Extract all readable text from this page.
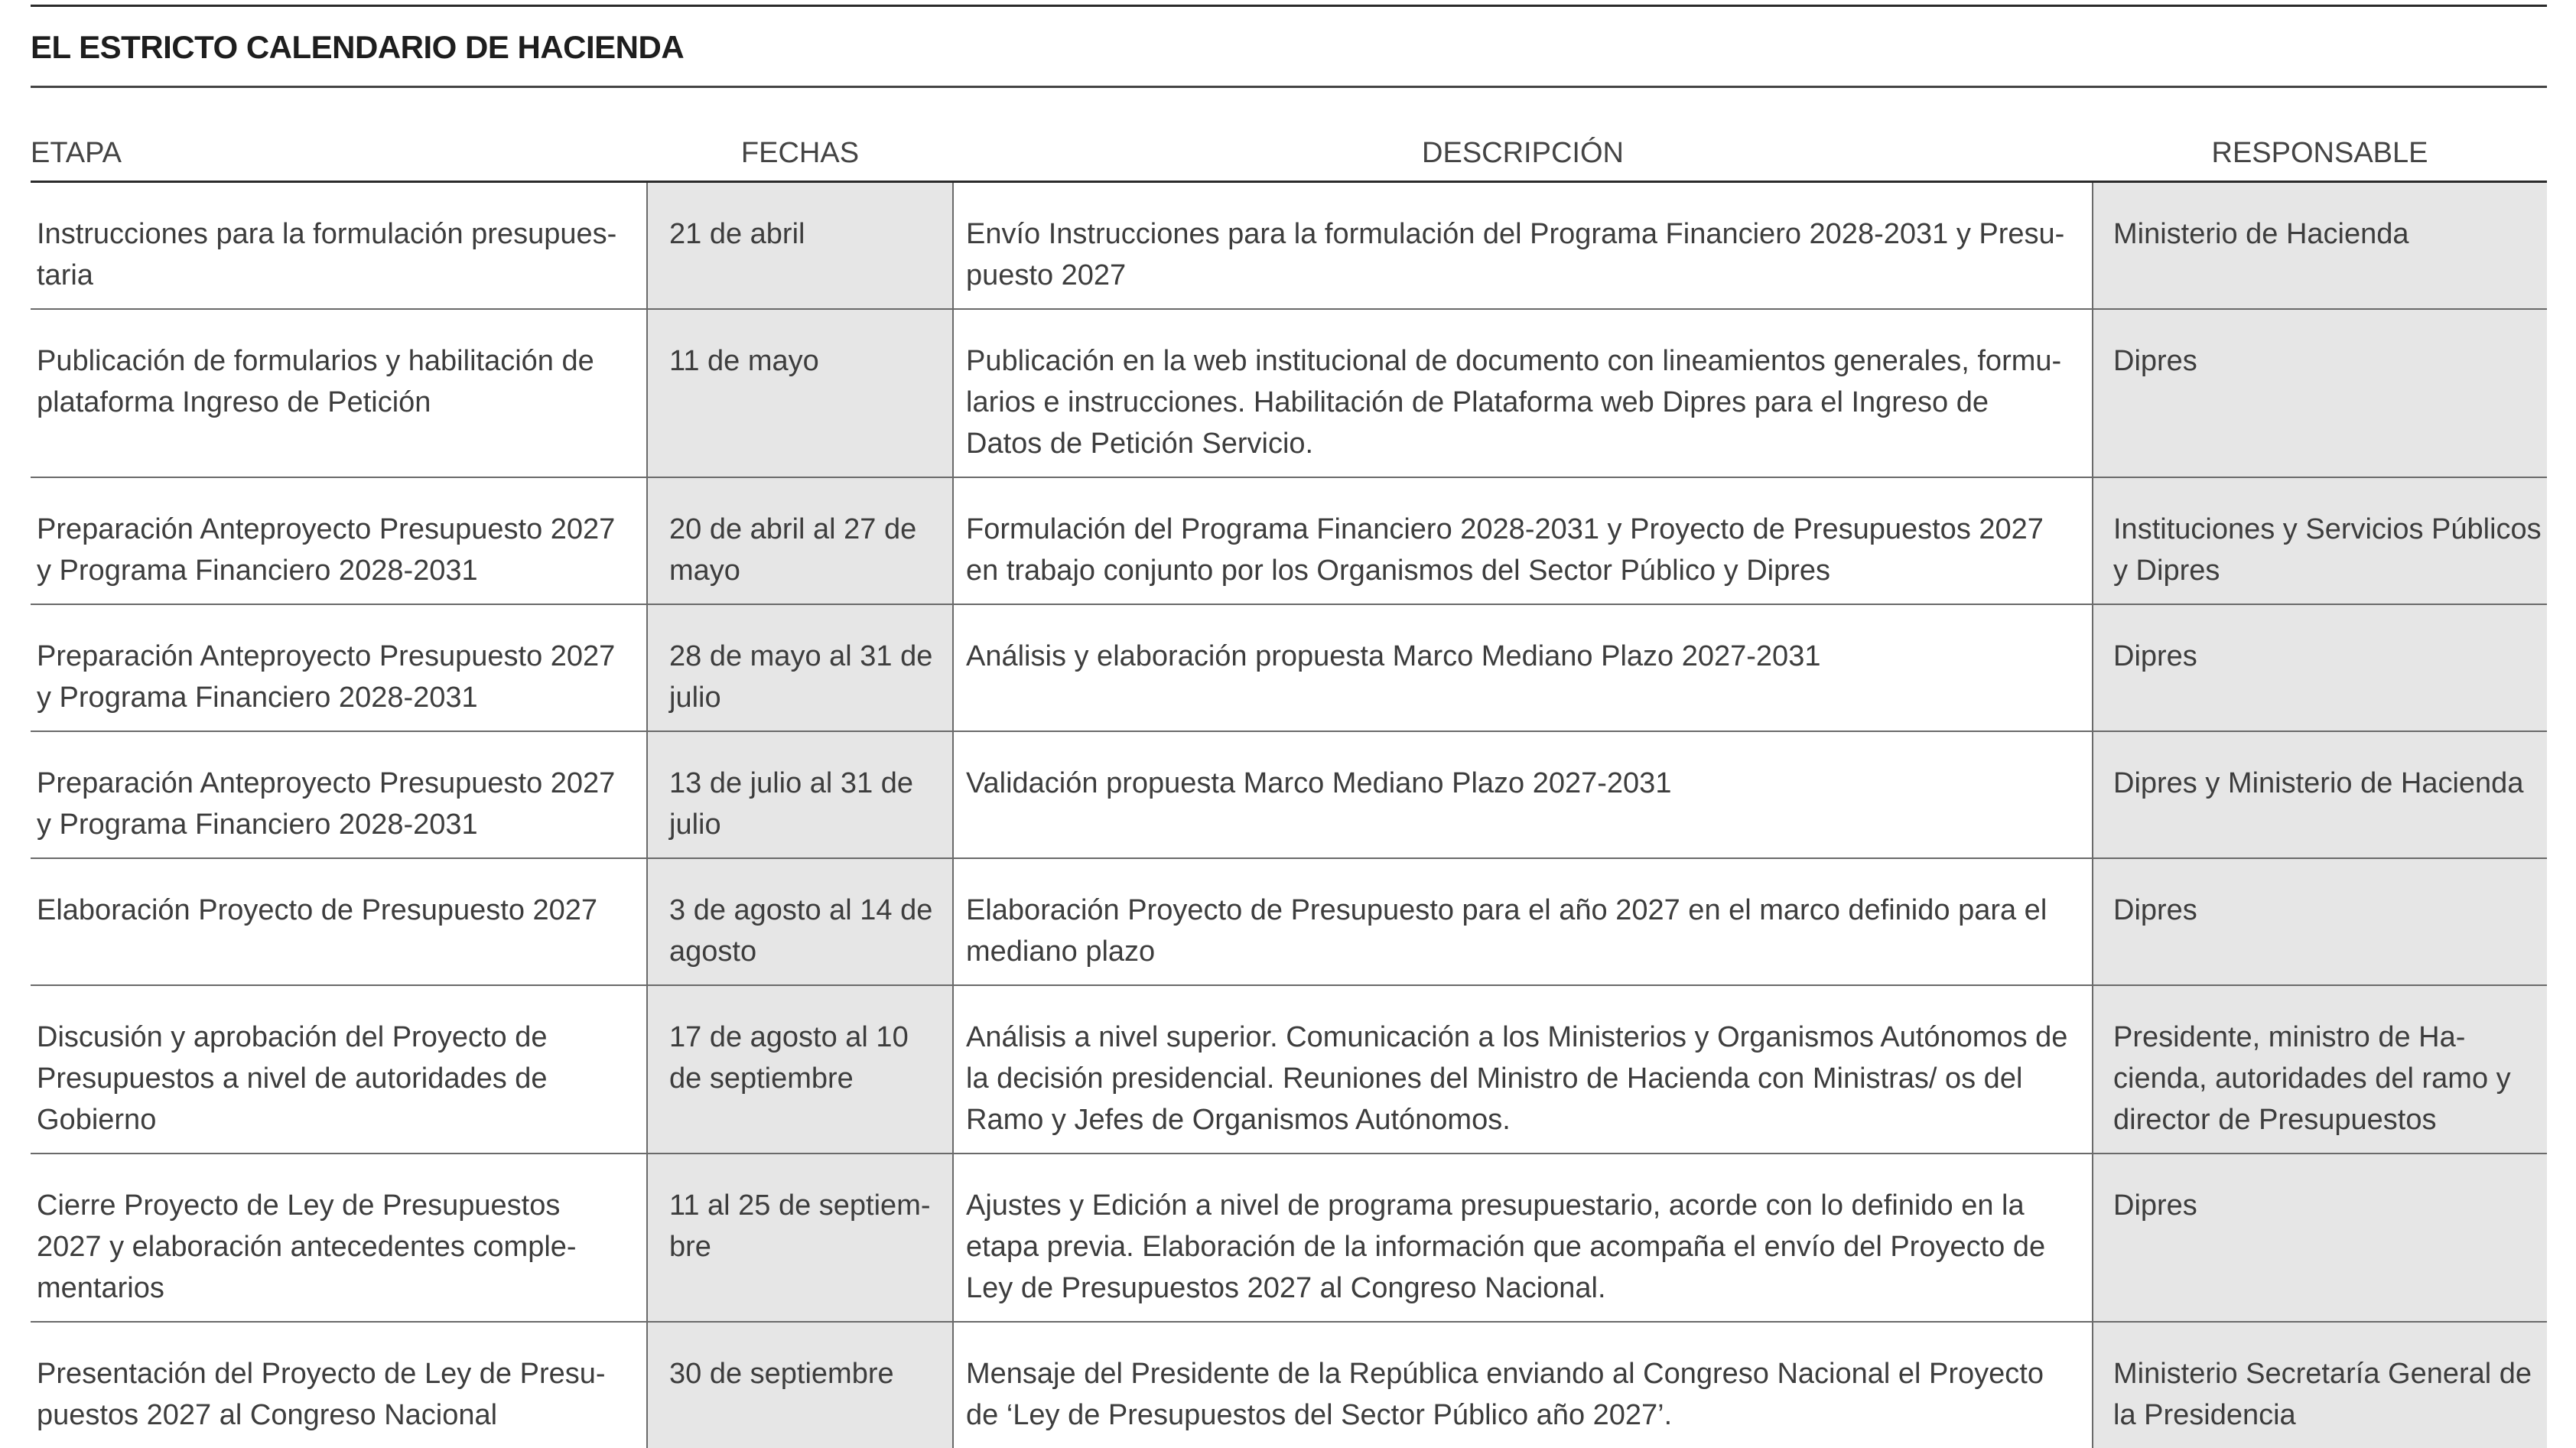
EL ESTRICTO CALENDARIO DE HACIENDA
ETAPA	FECHAS	DESCRIPCIÓN	RESPONSABLE
Instrucciones para la formulación presupues-taria	21 de abril	Envío Instrucciones para la formulación del Programa Financiero 2028-2031 y Presu-puesto 2027	Ministerio de Hacienda
Publicación de formularios y habilitación de plataforma Ingreso de Petición	11 de mayo	Publicación en la web institucional de documento con lineamientos generales, formu-larios e instrucciones. Habilitación de Plataforma web Dipres para el Ingreso de Datos de Petición Servicio.	Dipres
Preparación Anteproyecto Presupuesto 2027 y Programa Financiero 2028-2031	20 de abril al 27 de mayo	Formulación del Programa Financiero 2028-2031 y Proyecto de Presupuestos 2027 en trabajo conjunto por los Organismos del Sector Público y Dipres	Instituciones y Servicios Públicos y Dipres
Preparación Anteproyecto Presupuesto 2027 y Programa Financiero 2028-2031	28 de mayo al 31 de julio	Análisis y elaboración propuesta Marco Mediano Plazo 2027-2031	Dipres
Preparación Anteproyecto Presupuesto 2027 y Programa Financiero 2028-2031	13 de julio al 31 de julio	Validación propuesta Marco Mediano Plazo 2027-2031	Dipres y Ministerio de Hacienda
Elaboración Proyecto de Presupuesto 2027	3 de agosto al 14 de agosto	Elaboración Proyecto de Presupuesto para el año 2027 en el marco definido para el mediano plazo	Dipres
Discusión y aprobación del Proyecto de Presupuestos a nivel de autoridades de Gobierno	17 de agosto al 10 de septiembre	Análisis a nivel superior. Comunicación a los Ministerios y Organismos Autónomos de la decisión presidencial. Reuniones del Ministro de Hacienda con Ministras/ os del Ramo y Jefes de Organismos Autónomos.	Presidente, ministro de Ha-cienda, autoridades del ramo y director de Presupuestos
Cierre Proyecto de Ley de Presupuestos 2027 y elaboración antecedentes comple-mentarios	11 al 25 de septiem-bre	Ajustes y Edición a nivel de programa presupuestario, acorde con lo definido en la etapa previa. Elaboración de la información que acompaña el envío del Proyecto de Ley de Presupuestos 2027 al Congreso Nacional.	Dipres
Presentación del Proyecto de Ley de Presu-puestos 2027 al Congreso Nacional	30 de septiembre	Mensaje del Presidente de la República enviando al Congreso Nacional el Proyecto de ‘Ley de Presupuestos del Sector Público año 2027’.	Ministerio Secretaría General de la Presidencia
